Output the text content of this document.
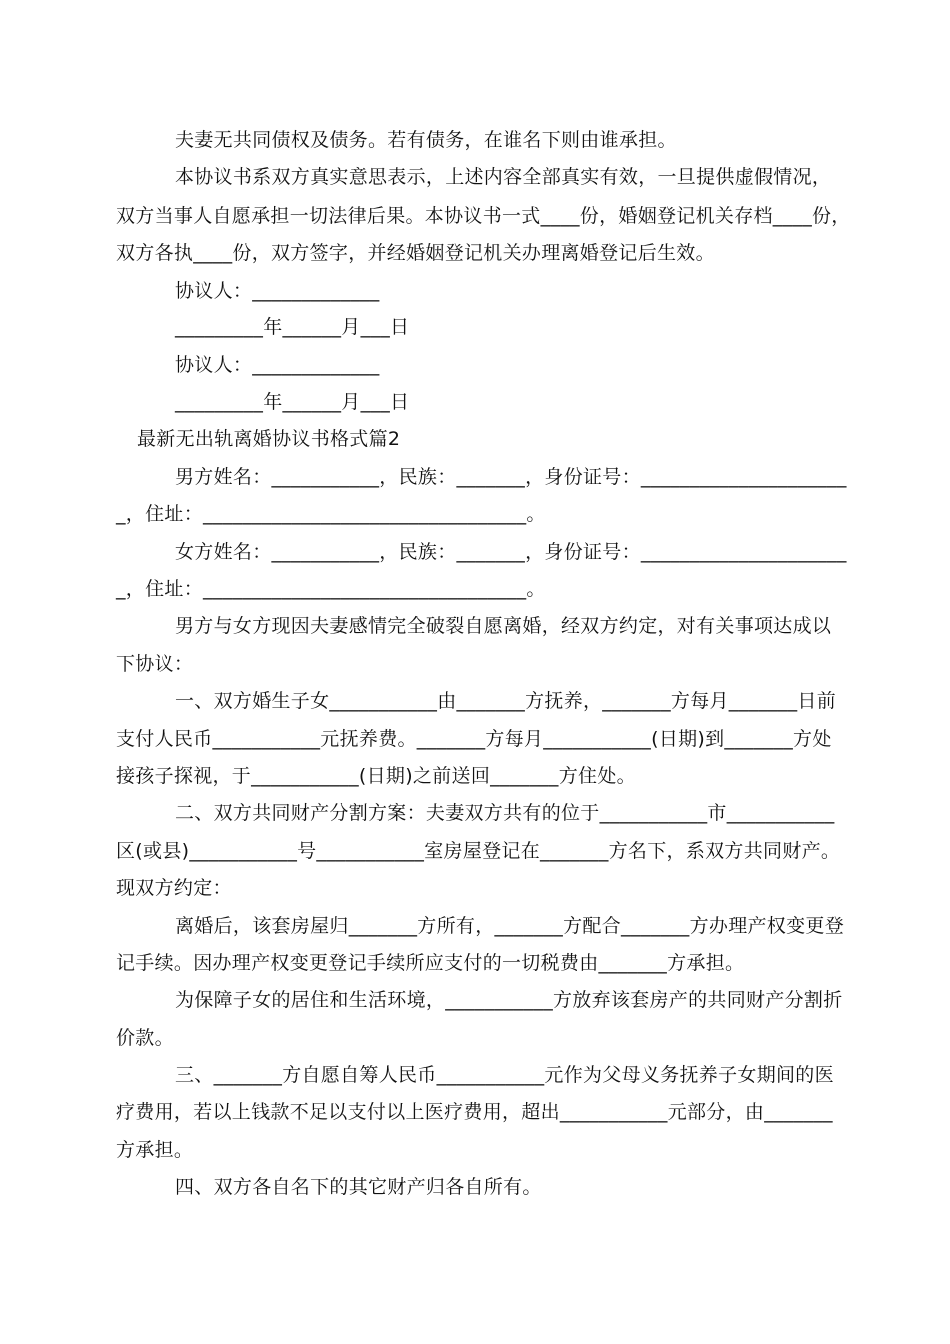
夫妻无共同债权及债务。若有债务，在谁名下则由谁承担。
本协议书系双方真实意思表示，上述内容全部真实有效，一旦提供虚假情况，
双方当事人自愿承担一切法律后果。本协议书一式____份，婚姻登记机关存档____份，
双方各执____份，双方签字，并经婚姻登记机关办理离婚登记后生效。
协议人：_____________
_________年______月___日
协议人：_____________
_________年______月___日
最新无出轨离婚协议书格式篇2
男方姓名：___________，民族：_______，身份证号：_____________________
_，住址：_________________________________。
女方姓名：___________，民族：_______，身份证号：_____________________
_，住址：_________________________________。
男方与女方现因夫妻感情完全破裂自愿离婚，经双方约定，对有关事项达成以
下协议：
一、双方婚生子女___________由_______方抚养，_______方每月_______日前
支付人民币___________元抚养费。_______方每月___________(日期)到_______方处
接孩子探视，于___________(日期)之前送回_______方住处。
二、双方共同财产分割方案：夫妻双方共有的位于___________市___________
区(或县)___________号___________室房屋登记在_______方名下，系双方共同财产。
现双方约定：
离婚后，该套房屋归_______方所有，_______方配合_______方办理产权变更登
记手续。因办理产权变更登记手续所应支付的一切税费由_______方承担。
为保障子女的居住和生活环境，___________方放弃该套房产的共同财产分割折
价款。
三、_______方自愿自筹人民币___________元作为父母义务抚养子女期间的医
疗费用，若以上钱款不足以支付以上医疗费用，超出___________元部分，由_______
方承担。
四、双方各自名下的其它财产归各自所有。
